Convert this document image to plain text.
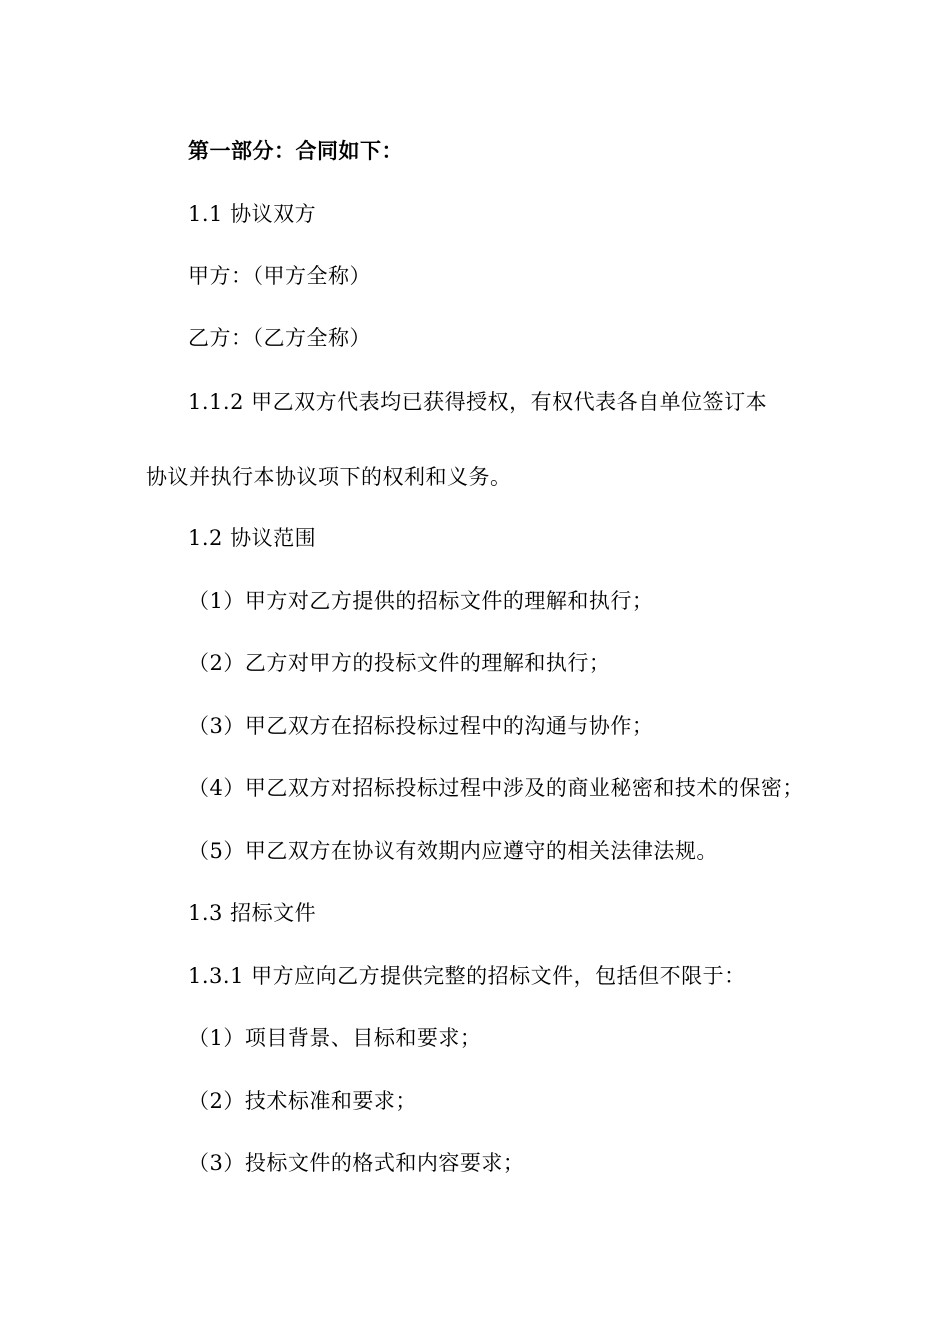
第一部分：合同如下：
1.1 协议双方
甲方：（甲方全称）
乙方：（乙方全称）
1.1.2 甲乙双方代表均已获得授权，有权代表各自单位签订本
协议并执行本协议项下的权利和义务。
1.2 协议范围
（1）甲方对乙方提供的招标文件的理解和执行；
（2）乙方对甲方的投标文件的理解和执行；
（3）甲乙双方在招标投标过程中的沟通与协作；
（4）甲乙双方对招标投标过程中涉及的商业秘密和技术的保密；
（5）甲乙双方在协议有效期内应遵守的相关法律法规。
1.3 招标文件
1.3.1 甲方应向乙方提供完整的招标文件，包括但不限于：
（1）项目背景、目标和要求；
（2）技术标准和要求；
（3）投标文件的格式和内容要求；
